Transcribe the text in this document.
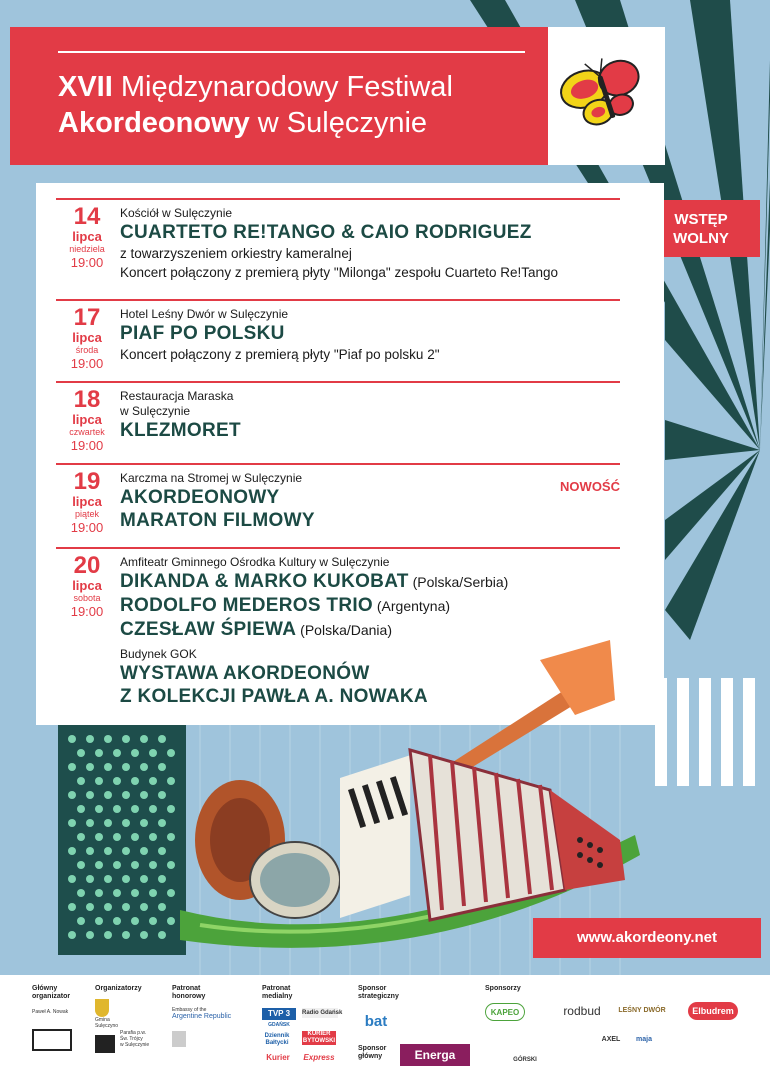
XVII Międzynarodowy Festiwal
Akordeonowy w Sulęczynie
WSTĘP
WOLNY
14
lipca
niedziela
19:00
Kościół w Sulęczynie
CUARTETO RE!TANGO & CAIO RODRIGUEZ
z towarzyszeniem orkiestry kameralnej
Koncert połączony z premierą płyty "Milonga" zespołu Cuarteto Re!Tango
17
lipca
środa
19:00
Hotel Leśny Dwór w Sulęczynie
PIAF PO POLSKU
Koncert połączony z premierą płyty "Piaf po polsku 2"
18
lipca
czwartek
19:00
Restauracja Maraska
w Sulęczynie
KLEZMORET
19
lipca
piątek
19:00
Karczma na Stromej w Sulęczynie
AKORDEONOWY
MARATON FILMOWY
NOWOŚĆ
20
lipca
sobota
19:00
Amfiteatr Gminnego Ośrodka Kultury w Sulęczynie
DIKANDA & MARKO KUKOBAT (Polska/Serbia)
RODOLFO MEDEROS TRIO (Argentyna)
CZESŁAW ŚPIEWA (Polska/Dania)
Budynek GOK
WYSTAWA AKORDEONÓW
Z KOLEKCJI PAWŁA A. NOWAKA
www.akordeony.net
Główny
organizator
Paweł A. Nowak
Organizatorzy
Gmina
Sulęczyno
Parafia p.w.
Św. Trójcy
w Sulęczynie
Patronat
honorowy
Embassy of the
Argentine Republic
Patronat
medialny
TVP 3
GDAŃSK
Radio Gdańsk
Dziennik
Bałtycki
KURIER
BYTOWSKI
Kurier	Express
Sponsor
strategiczny
bat
Sponsor
główny	Energa
Sponsorzy
KAPEO	rodbud	LEŚNY DWÓR	Elbudrem
AXEL	maja
GÓRSKI
